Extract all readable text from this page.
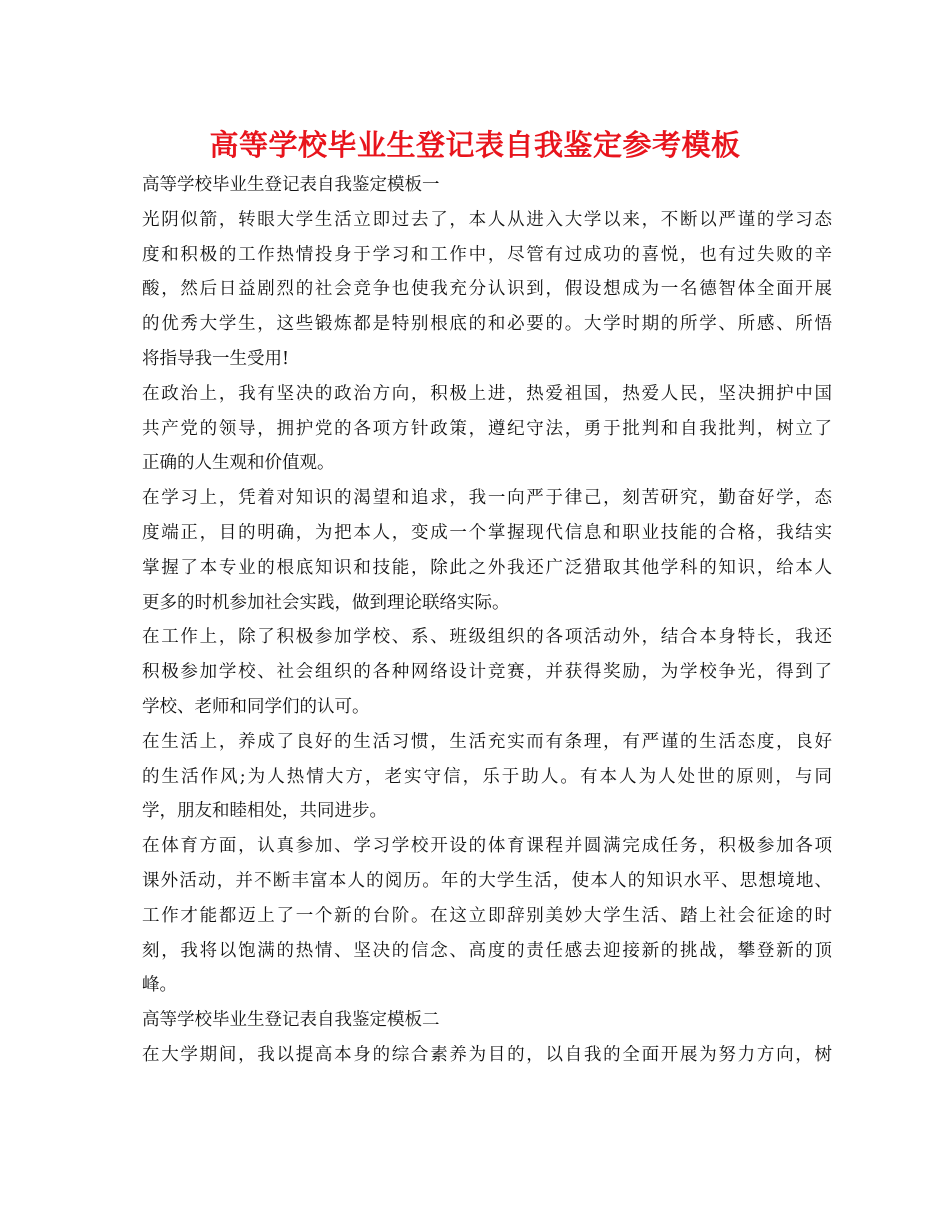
高等学校毕业生登记表自我鉴定参考模板
高等学校毕业生登记表自我鉴定模板一
光阴似箭，转眼大学生活立即过去了，本人从进入大学以来，不断以严谨的学习态
度和积极的工作热情投身于学习和工作中，尽管有过成功的喜悦，也有过失败的辛
酸，然后日益剧烈的社会竞争也使我充分认识到，假设想成为一名德智体全面开展
的优秀大学生，这些锻炼都是特别根底的和必要的。大学时期的所学、所感、所悟
将指导我一生受用!
在政治上，我有坚决的政治方向，积极上进，热爱祖国，热爱人民，坚决拥护中国
共产党的领导，拥护党的各项方针政策，遵纪守法，勇于批判和自我批判，树立了
正确的人生观和价值观。
在学习上，凭着对知识的渴望和追求，我一向严于律己，刻苦研究，勤奋好学，态
度端正，目的明确，为把本人，变成一个掌握现代信息和职业技能的合格，我结实
掌握了本专业的根底知识和技能，除此之外我还广泛猎取其他学科的知识，给本人
更多的时机参加社会实践，做到理论联络实际。
在工作上，除了积极参加学校、系、班级组织的各项活动外，结合本身特长，我还
积极参加学校、社会组织的各种网络设计竞赛，并获得奖励，为学校争光，得到了
学校、老师和同学们的认可。
在生活上，养成了良好的生活习惯，生活充实而有条理，有严谨的生活态度，良好
的生活作风;为人热情大方，老实守信，乐于助人。有本人为人处世的原则，与同
学，朋友和睦相处，共同进步。
在体育方面，认真参加、学习学校开设的体育课程并圆满完成任务，积极参加各项
课外活动，并不断丰富本人的阅历。年的大学生活，使本人的知识水平、思想境地、
工作才能都迈上了一个新的台阶。在这立即辞别美妙大学生活、踏上社会征途的时
刻，我将以饱满的热情、坚决的信念、高度的责任感去迎接新的挑战，攀登新的顶
峰。
高等学校毕业生登记表自我鉴定模板二
在大学期间，我以提高本身的综合素养为目的，以自我的全面开展为努力方向，树
